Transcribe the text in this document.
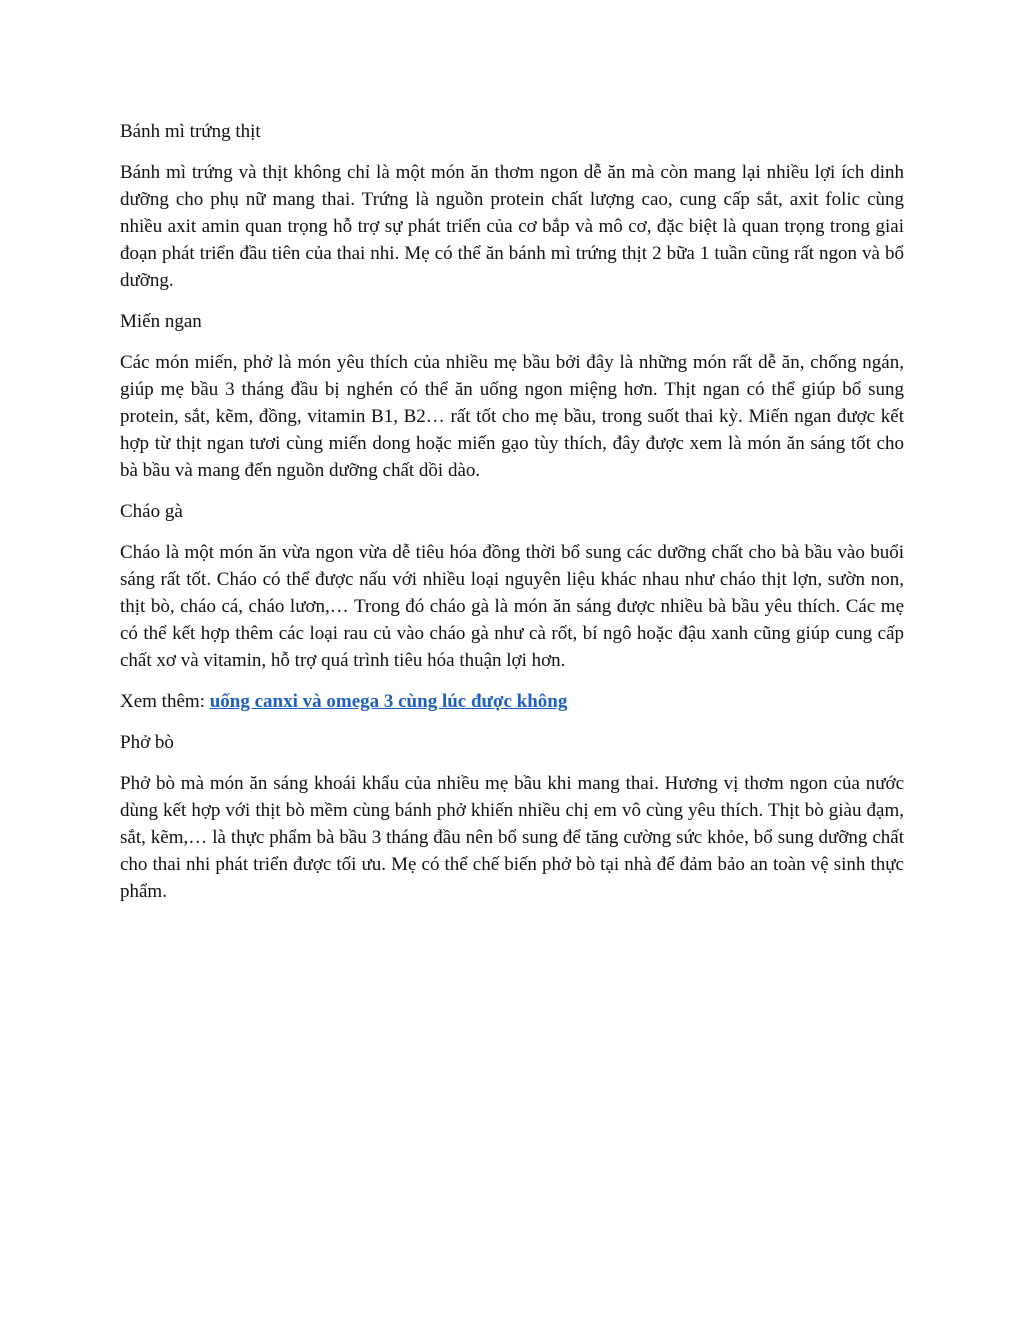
Bánh mì trứng thịt

Bánh mì trứng và thịt không chỉ là một món ăn thơm ngon dễ ăn mà còn mang lại nhiều lợi ích dinh dưỡng cho phụ nữ mang thai. Trứng là nguồn protein chất lượng cao, cung cấp sắt, axit folic cùng nhiều axit amin quan trọng hỗ trợ sự phát triển của cơ bắp và mô cơ, đặc biệt là quan trọng trong giai đoạn phát triển đầu tiên của thai nhi. Mẹ có thể ăn bánh mì trứng thịt 2 bữa 1 tuần cũng rất ngon và bổ dưỡng.

Miến ngan

Các món miến, phở là món yêu thích của nhiều mẹ bầu bởi đây là những món rất dễ ăn, chống ngán, giúp mẹ bầu 3 tháng đầu bị nghén có thể ăn uống ngon miệng hơn. Thịt ngan có thể giúp bổ sung protein, sắt, kẽm, đồng, vitamin B1, B2… rất tốt cho mẹ bầu, trong suốt thai kỳ. Miến ngan được kết hợp từ thịt ngan tươi cùng miến dong hoặc miến gạo tùy thích, đây được xem là món ăn sáng tốt cho bà bầu và mang đến nguồn dưỡng chất dồi dào.

Cháo gà

Cháo là một món ăn vừa ngon vừa dễ tiêu hóa đồng thời bổ sung các dưỡng chất cho bà bầu vào buổi sáng rất tốt. Cháo có thể được nấu với nhiều loại nguyên liệu khác nhau như cháo thịt lợn, sườn non, thịt bò, cháo cá, cháo lươn,… Trong đó cháo gà là món ăn sáng được nhiều bà bầu yêu thích. Các mẹ có thể kết hợp thêm các loại rau củ vào cháo gà như cà rốt, bí ngô hoặc đậu xanh cũng giúp cung cấp chất xơ và vitamin, hỗ trợ quá trình tiêu hóa thuận lợi hơn.

Xem thêm: uống canxi và omega 3 cùng lúc được không

Phở bò

Phở bò mà món ăn sáng khoái khẩu của nhiều mẹ bầu khi mang thai. Hương vị thơm ngon của nước dùng kết hợp với thịt bò mềm cùng bánh phở khiến nhiều chị em vô cùng yêu thích. Thịt bò giàu đạm, sắt, kẽm,… là thực phẩm bà bầu 3 tháng đầu nên bổ sung để tăng cường sức khỏe, bổ sung dưỡng chất cho thai nhi phát triển được tối ưu. Mẹ có thể chế biến phở bò tại nhà để đảm bảo an toàn vệ sinh thực phẩm.
